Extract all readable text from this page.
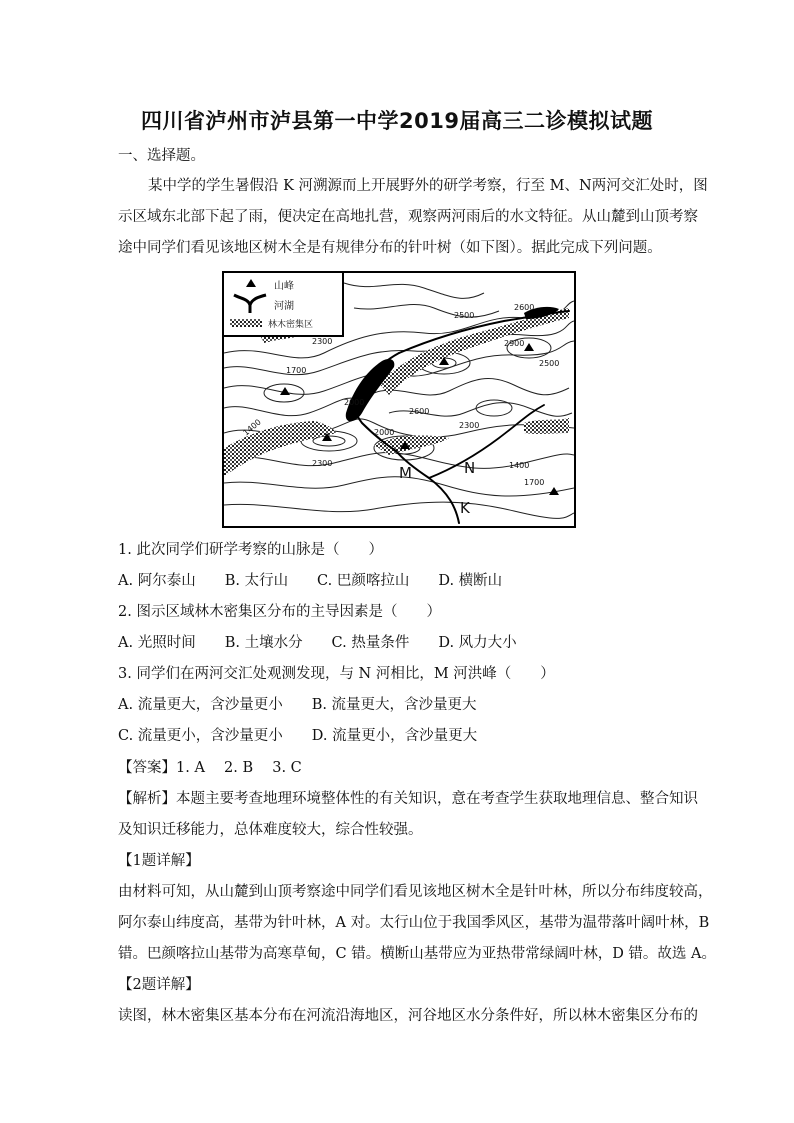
四川省泸州市泸县第一中学2019届高三二诊模拟试题
一、选择题。
某中学的学生暑假沿 K 河溯源而上开展野外的研学考察，行至 M、N两河交汇处时，图
示区域东北部下起了雨，便决定在高地扎营，观察两河雨后的水文特征。从山麓到山顶考察
途中同学们看见该地区树木全是有规律分布的针叶树（如下图）。据此完成下列问题。
2500
2600
2900
2300
2500
1700
2000
2600
2300
1400	2000
2300	1400
1700
M	N
K
山峰
河湖
林木密集区
1. 此次同学们研学考察的山脉是（　　）
A. 阿尔泰山　　B. 太行山　　C. 巴颜喀拉山　　D. 横断山
2. 图示区域林木密集区分布的主导因素是（　　）
A. 光照时间　　B. 土壤水分　　C. 热量条件　　D. 风力大小
3. 同学们在两河交汇处观测发现，与 N 河相比，M 河洪峰（　　）
A. 流量更大，含沙量更小　　B. 流量更大，含沙量更大
C. 流量更小，含沙量更小　　D. 流量更小，含沙量更大
【答案】1. A　 2. B　 3. C
【解析】本题主要考查地理环境整体性的有关知识，意在考查学生获取地理信息、整合知识
及知识迁移能力，总体难度较大，综合性较强。
【1题详解】
由材料可知，从山麓到山顶考察途中同学们看见该地区树木全是针叶林，所以分布纬度较高，
阿尔泰山纬度高，基带为针叶林，A 对。太行山位于我国季风区，基带为温带落叶阔叶林，B
错。巴颜喀拉山基带为高寒草甸，C 错。横断山基带应为亚热带常绿阔叶林，D 错。故选 A。
【2题详解】
读图，林木密集区基本分布在河流沿海地区，河谷地区水分条件好，所以林木密集区分布的
